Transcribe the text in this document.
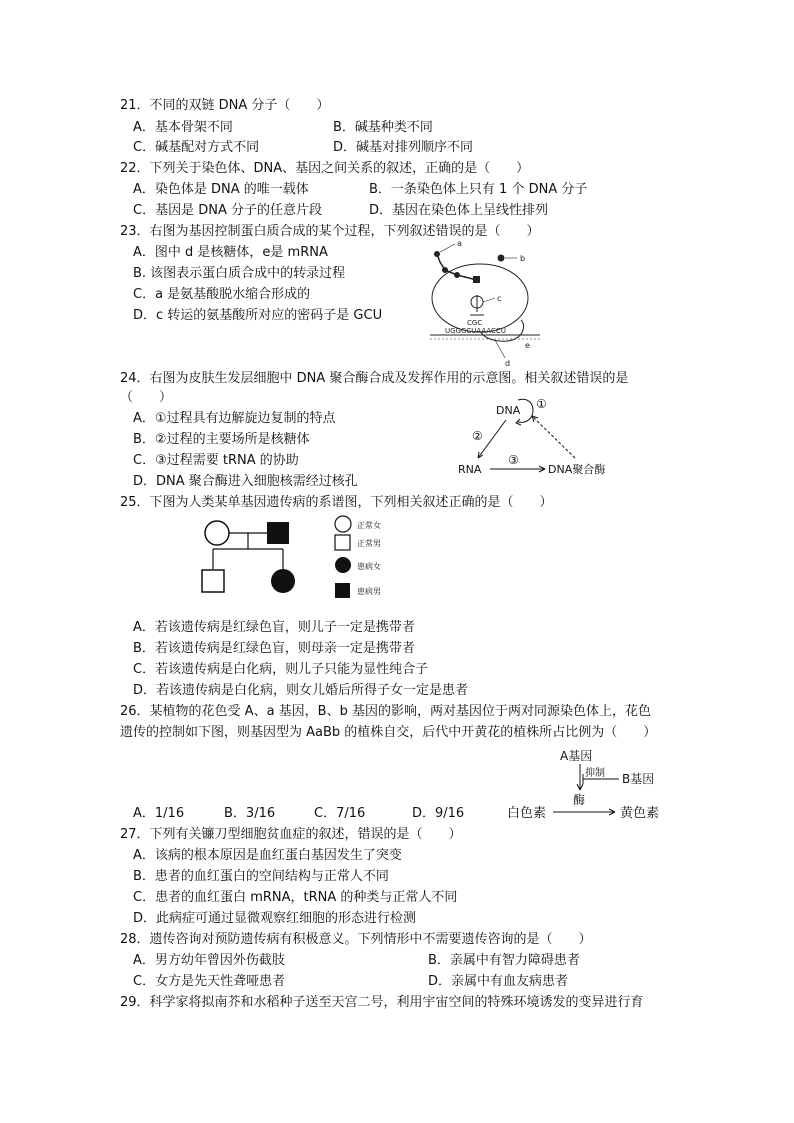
21．不同的双链 DNA 分子（　　）
A．基本骨架不同	B．碱基种类不同
C．碱基配对方式不同	D．碱基对排列顺序不同
22．下列关于染色体、DNA、基因之间关系的叙述，正确的是（　　）
A．染色体是 DNA 的唯一载体	B．一条染色体上只有 1 个 DNA 分子
C．基因是 DNA 分子的任意片段	D．基因在染色体上呈线性排列
23．右图为基因控制蛋白质合成的某个过程，下列叙述错误的是（　　）
A．图中 d 是核糖体，e是 mRNA
B. 该图表示蛋白质合成中的转录过程
C．a 是氨基酸脱水缩合形成的
D．c 转运的氨基酸所对应的密码子是 GCU
UGGGCUAAACCU
CGC
a
b
c
d
e
24．右图为皮肤生发层细胞中 DNA 聚合酶合成及发挥作用的示意图。相关叙述错误的是
（　　）
A．①过程具有边解旋边复制的特点
B．②过程的主要场所是核糖体
C．③过程需要 tRNA 的协助
D．DNA 聚合酶进入细胞核需经过核孔
DNA ①
②
RNA
③
DNA聚合酶
25．下图为人类某单基因遗传病的系谱图，下列相关叙述正确的是（　　）
正常女
正常男
患病女
患病男
A．若该遗传病是红绿色盲，则儿子一定是携带者
B．若该遗传病是红绿色盲，则母亲一定是携带者
C．若该遗传病是白化病，则儿子只能为显性纯合子
D．若该遗传病是白化病，则女儿婚后所得子女一定是患者
26．某植物的花色受 A、a 基因，B、b 基因的影响，两对基因位于两对同源染色体上，花色
遗传的控制如下图，则基因型为 AaBb 的植株自交，后代中开黄花的植株所占比例为（　　）
A基因
抑制 B基因
酶
白色素	黄色素
A．1/16	B．3/16	C．7/16	D．9/16
27．下列有关镰刀型细胞贫血症的叙述，错误的是（　　）
A．该病的根本原因是血红蛋白基因发生了突变
B．患者的血红蛋白的空间结构与正常人不同
C．患者的血红蛋白 mRNA，tRNA 的种类与正常人不同
D．此病症可通过显微观察红细胞的形态进行检测
28．遗传咨询对预防遗传病有积极意义。下列情形中不需要遗传咨询的是（　　）
A．男方幼年曾因外伤截肢	B．亲属中有智力障碍患者
C．女方是先天性聋哑患者	D．亲属中有血友病患者
29．科学家将拟南芥和水稻种子送至天宫二号，利用宇宙空间的特殊环境诱发的变异进行育
